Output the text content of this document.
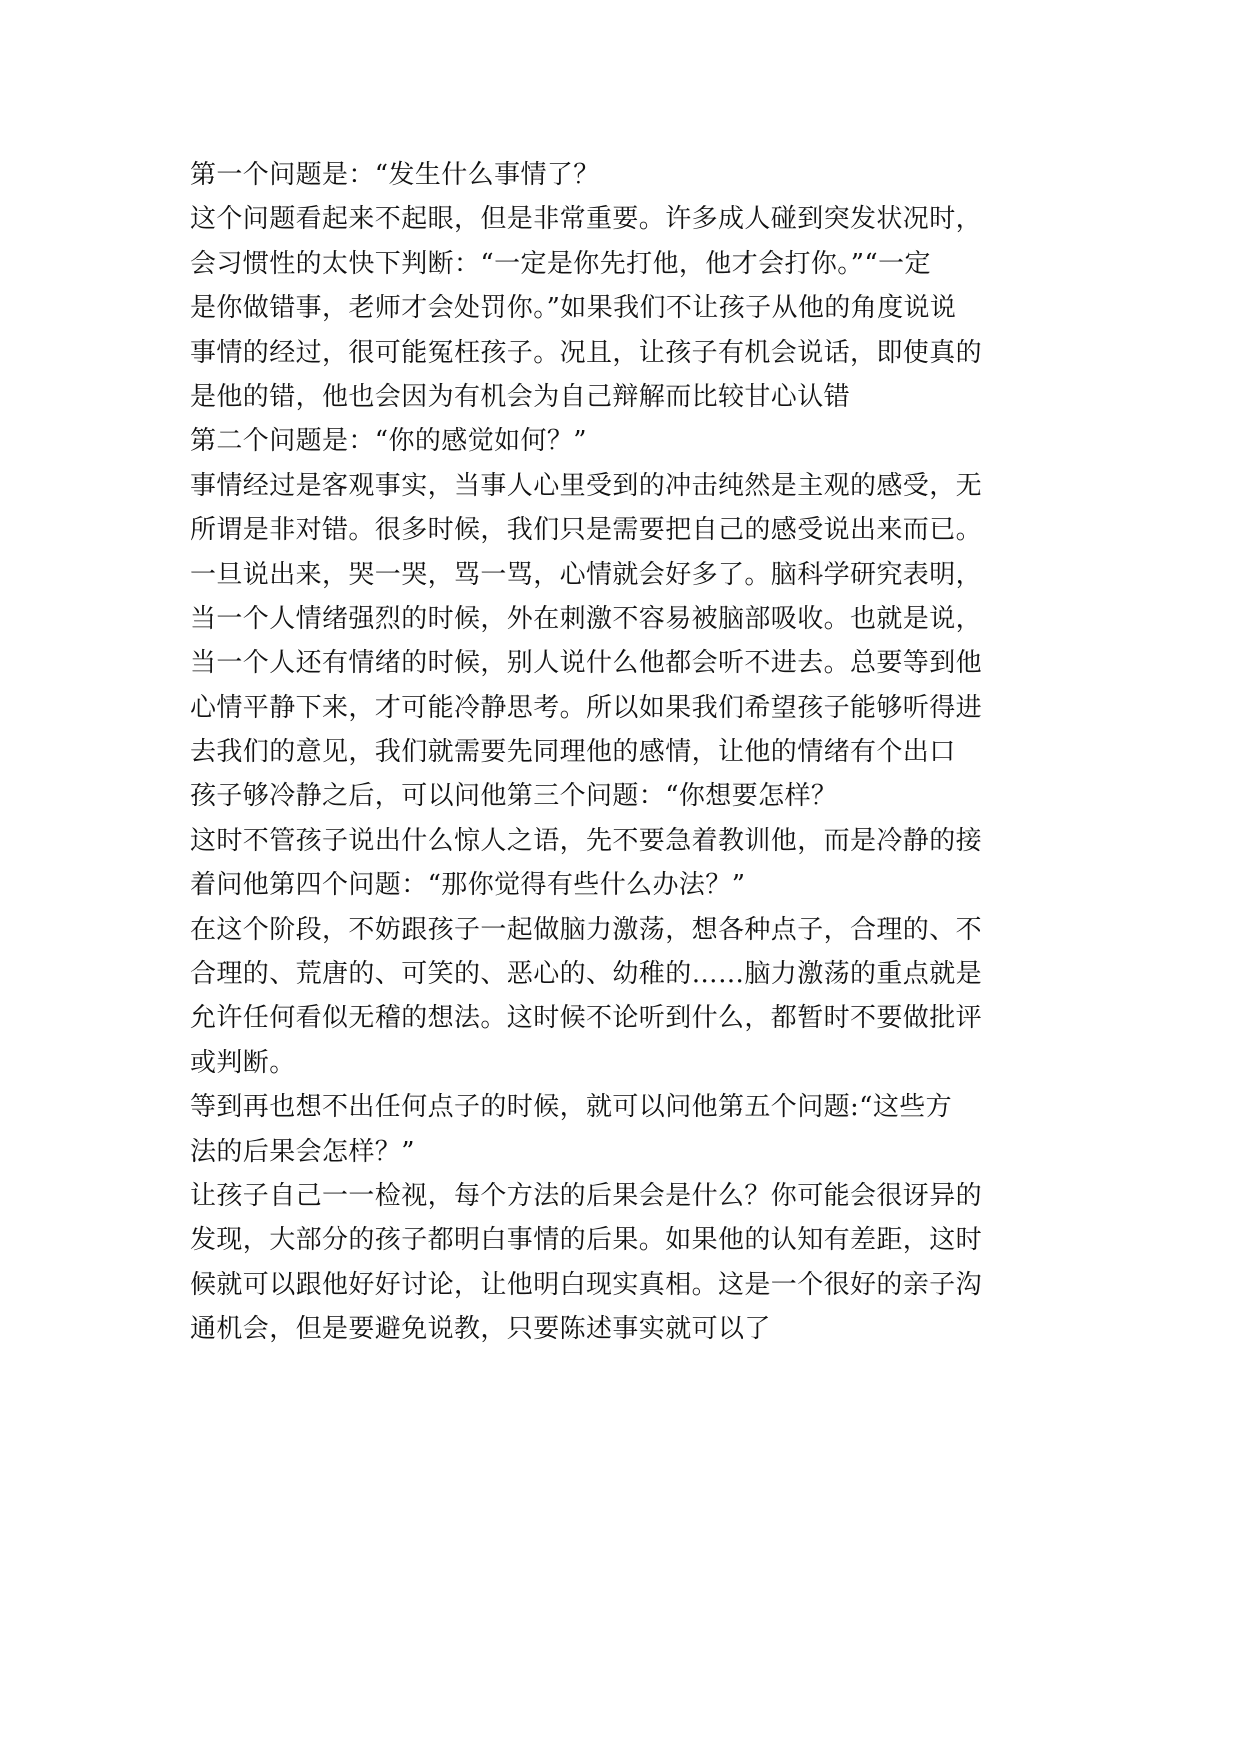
第一个问题是：“发生什么事情了？
这个问题看起来不起眼，但是非常重要。许多成人碰到突发状况时，
会习惯性的太快下判断：“一定是你先打他，他才会打你。”“一定
是你做错事，老师才会处罚你。”如果我们不让孩子从他的角度说说
事情的经过，很可能冤枉孩子。况且，让孩子有机会说话，即使真的
是他的错，他也会因为有机会为自己辩解而比较甘心认错
第二个问题是：“你的感觉如何？”
事情经过是客观事实，当事人心里受到的冲击纯然是主观的感受，无
所谓是非对错。很多时候，我们只是需要把自己的感受说出来而已。
一旦说出来，哭一哭，骂一骂，心情就会好多了。脑科学研究表明，
当一个人情绪强烈的时候，外在刺激不容易被脑部吸收。也就是说，
当一个人还有情绪的时候，别人说什么他都会听不进去。总要等到他
心情平静下来，才可能冷静思考。所以如果我们希望孩子能够听得进
去我们的意见，我们就需要先同理他的感情，让他的情绪有个出口
孩子够冷静之后，可以问他第三个问题：“你想要怎样？
这时不管孩子说出什么惊人之语，先不要急着教训他，而是冷静的接
着问他第四个问题：“那你觉得有些什么办法？”
在这个阶段，不妨跟孩子一起做脑力激荡，想各种点子，合理的、不
合理的、荒唐的、可笑的、恶心的、幼稚的……脑力激荡的重点就是
允许任何看似无稽的想法。这时候不论听到什么，都暂时不要做批评
或判断。
等到再也想不出任何点子的时候，就可以问他第五个问题:“这些方
法的后果会怎样？”
让孩子自己一一检视，每个方法的后果会是什么？你可能会很讶异的
发现，大部分的孩子都明白事情的后果。如果他的认知有差距，这时
候就可以跟他好好讨论，让他明白现实真相。这是一个很好的亲子沟
通机会，但是要避免说教，只要陈述事实就可以了
